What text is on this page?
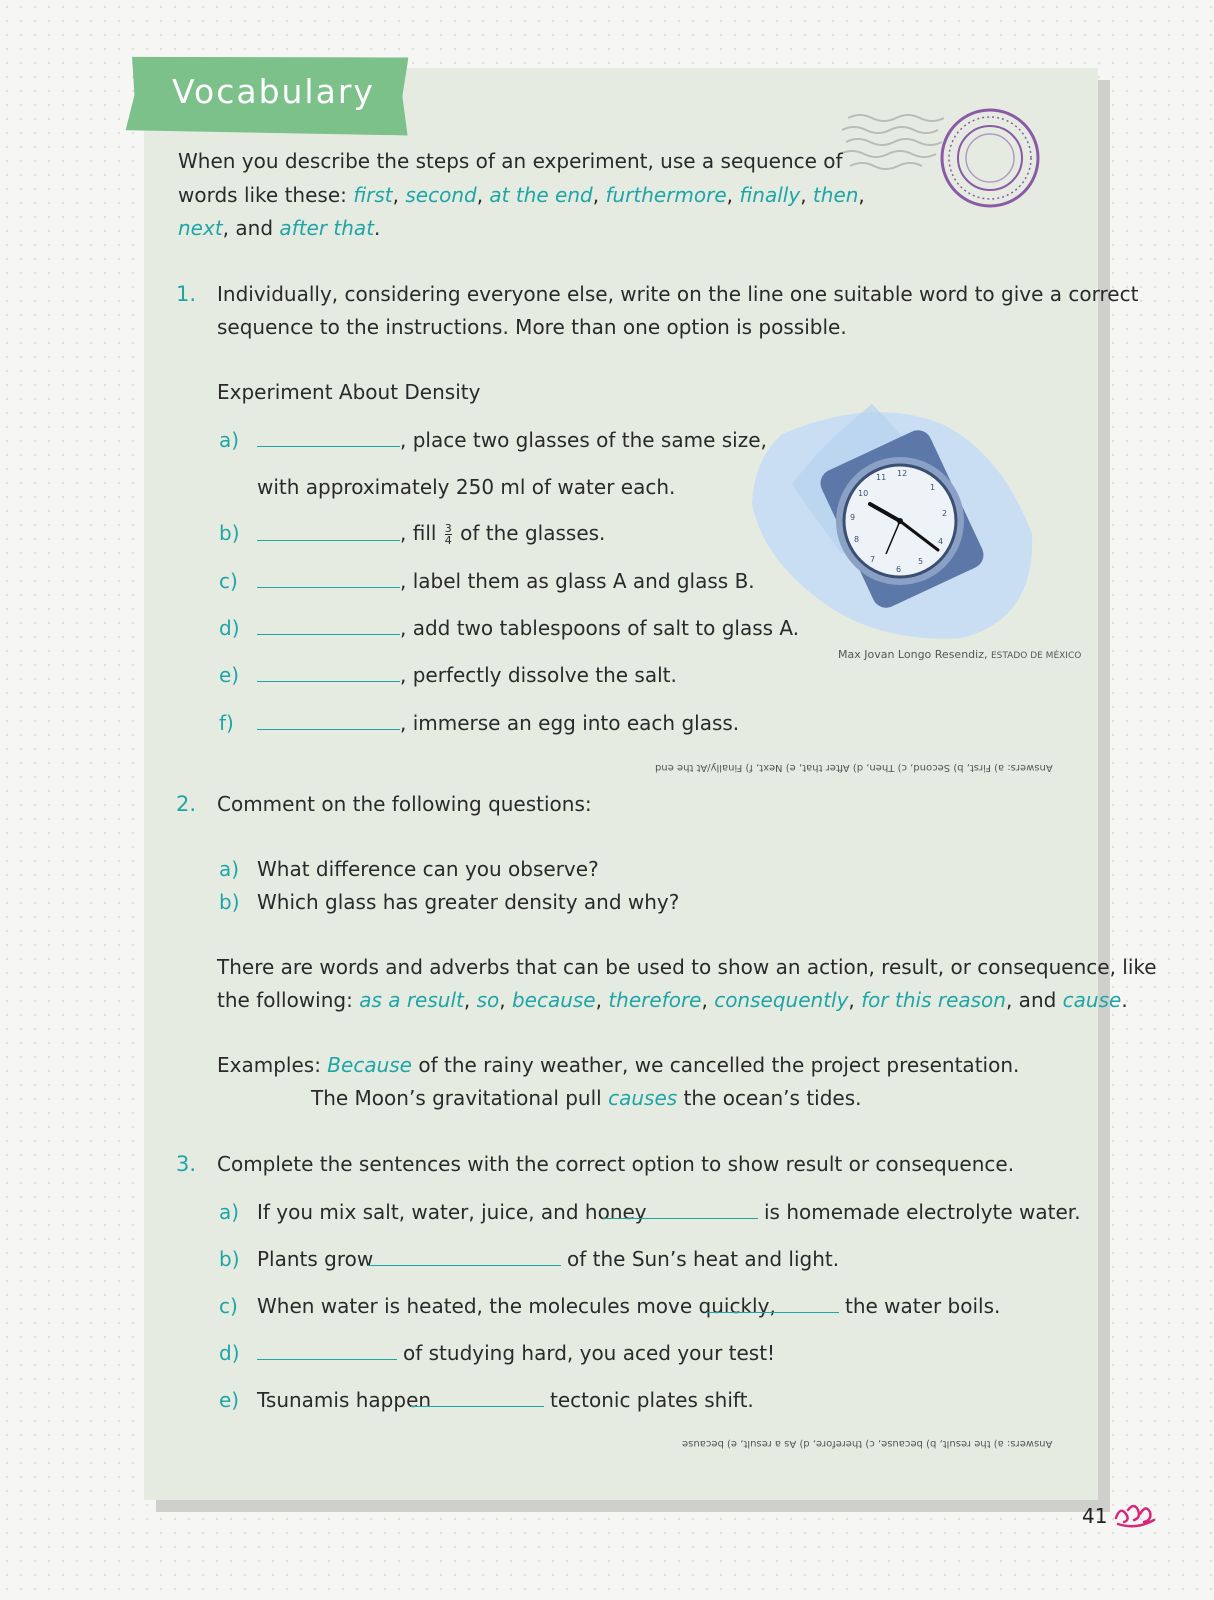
Vocabulary
When you describe the steps of an experiment, use a sequence of
words like these: first, second, at the end, furthermore, finally, then,
next, and after that.
1. Individually, considering everyone else, write on the line one suitable word to give a correct
sequence to the instructions. More than one option is possible.
Experiment About Density
a)	, place two glasses of the same size,
with approximately 250 ml of water each.
b)	, fill $\frac{3}{4}$ of the glasses.
c)	, label them as glass A and glass B.
d)	, add two tablespoons of salt to glass A.
e)	, perfectly dissolve the salt.
f)	, immerse an egg into each glass.
12
1
2
4
5
6
7
8
9
10
11
Max Jovan Longo Resendiz, ESTADO DE MÉXICO
Answers: a) First, b) Second, c) Then, d) After that, e) Next, f) Finally/At the end
2. Comment on the following questions:
a) What difference can you observe?
b) Which glass has greater density and why?
There are words and adverbs that can be used to show an action, result, or consequence, like
the following: as a result, so, because, therefore, consequently, for this reason, and cause.
Examples: Because of the rainy weather, we cancelled the project presentation.
The Moon’s gravitational pull causes the ocean’s tides.
3. Complete the sentences with the correct option to show result or consequence.
a) If you mix salt, water, juice, and honey	is homemade electrolyte water.
b) Plants grow	of the Sun’s heat and light.
c) When water is heated, the molecules move quickly,	the water boils.
d)	of studying hard, you aced your test!
e) Tsunamis happen	tectonic plates shift.
Answers: a) the result, b) because, c) therefore, d) As a result, e) because
41
